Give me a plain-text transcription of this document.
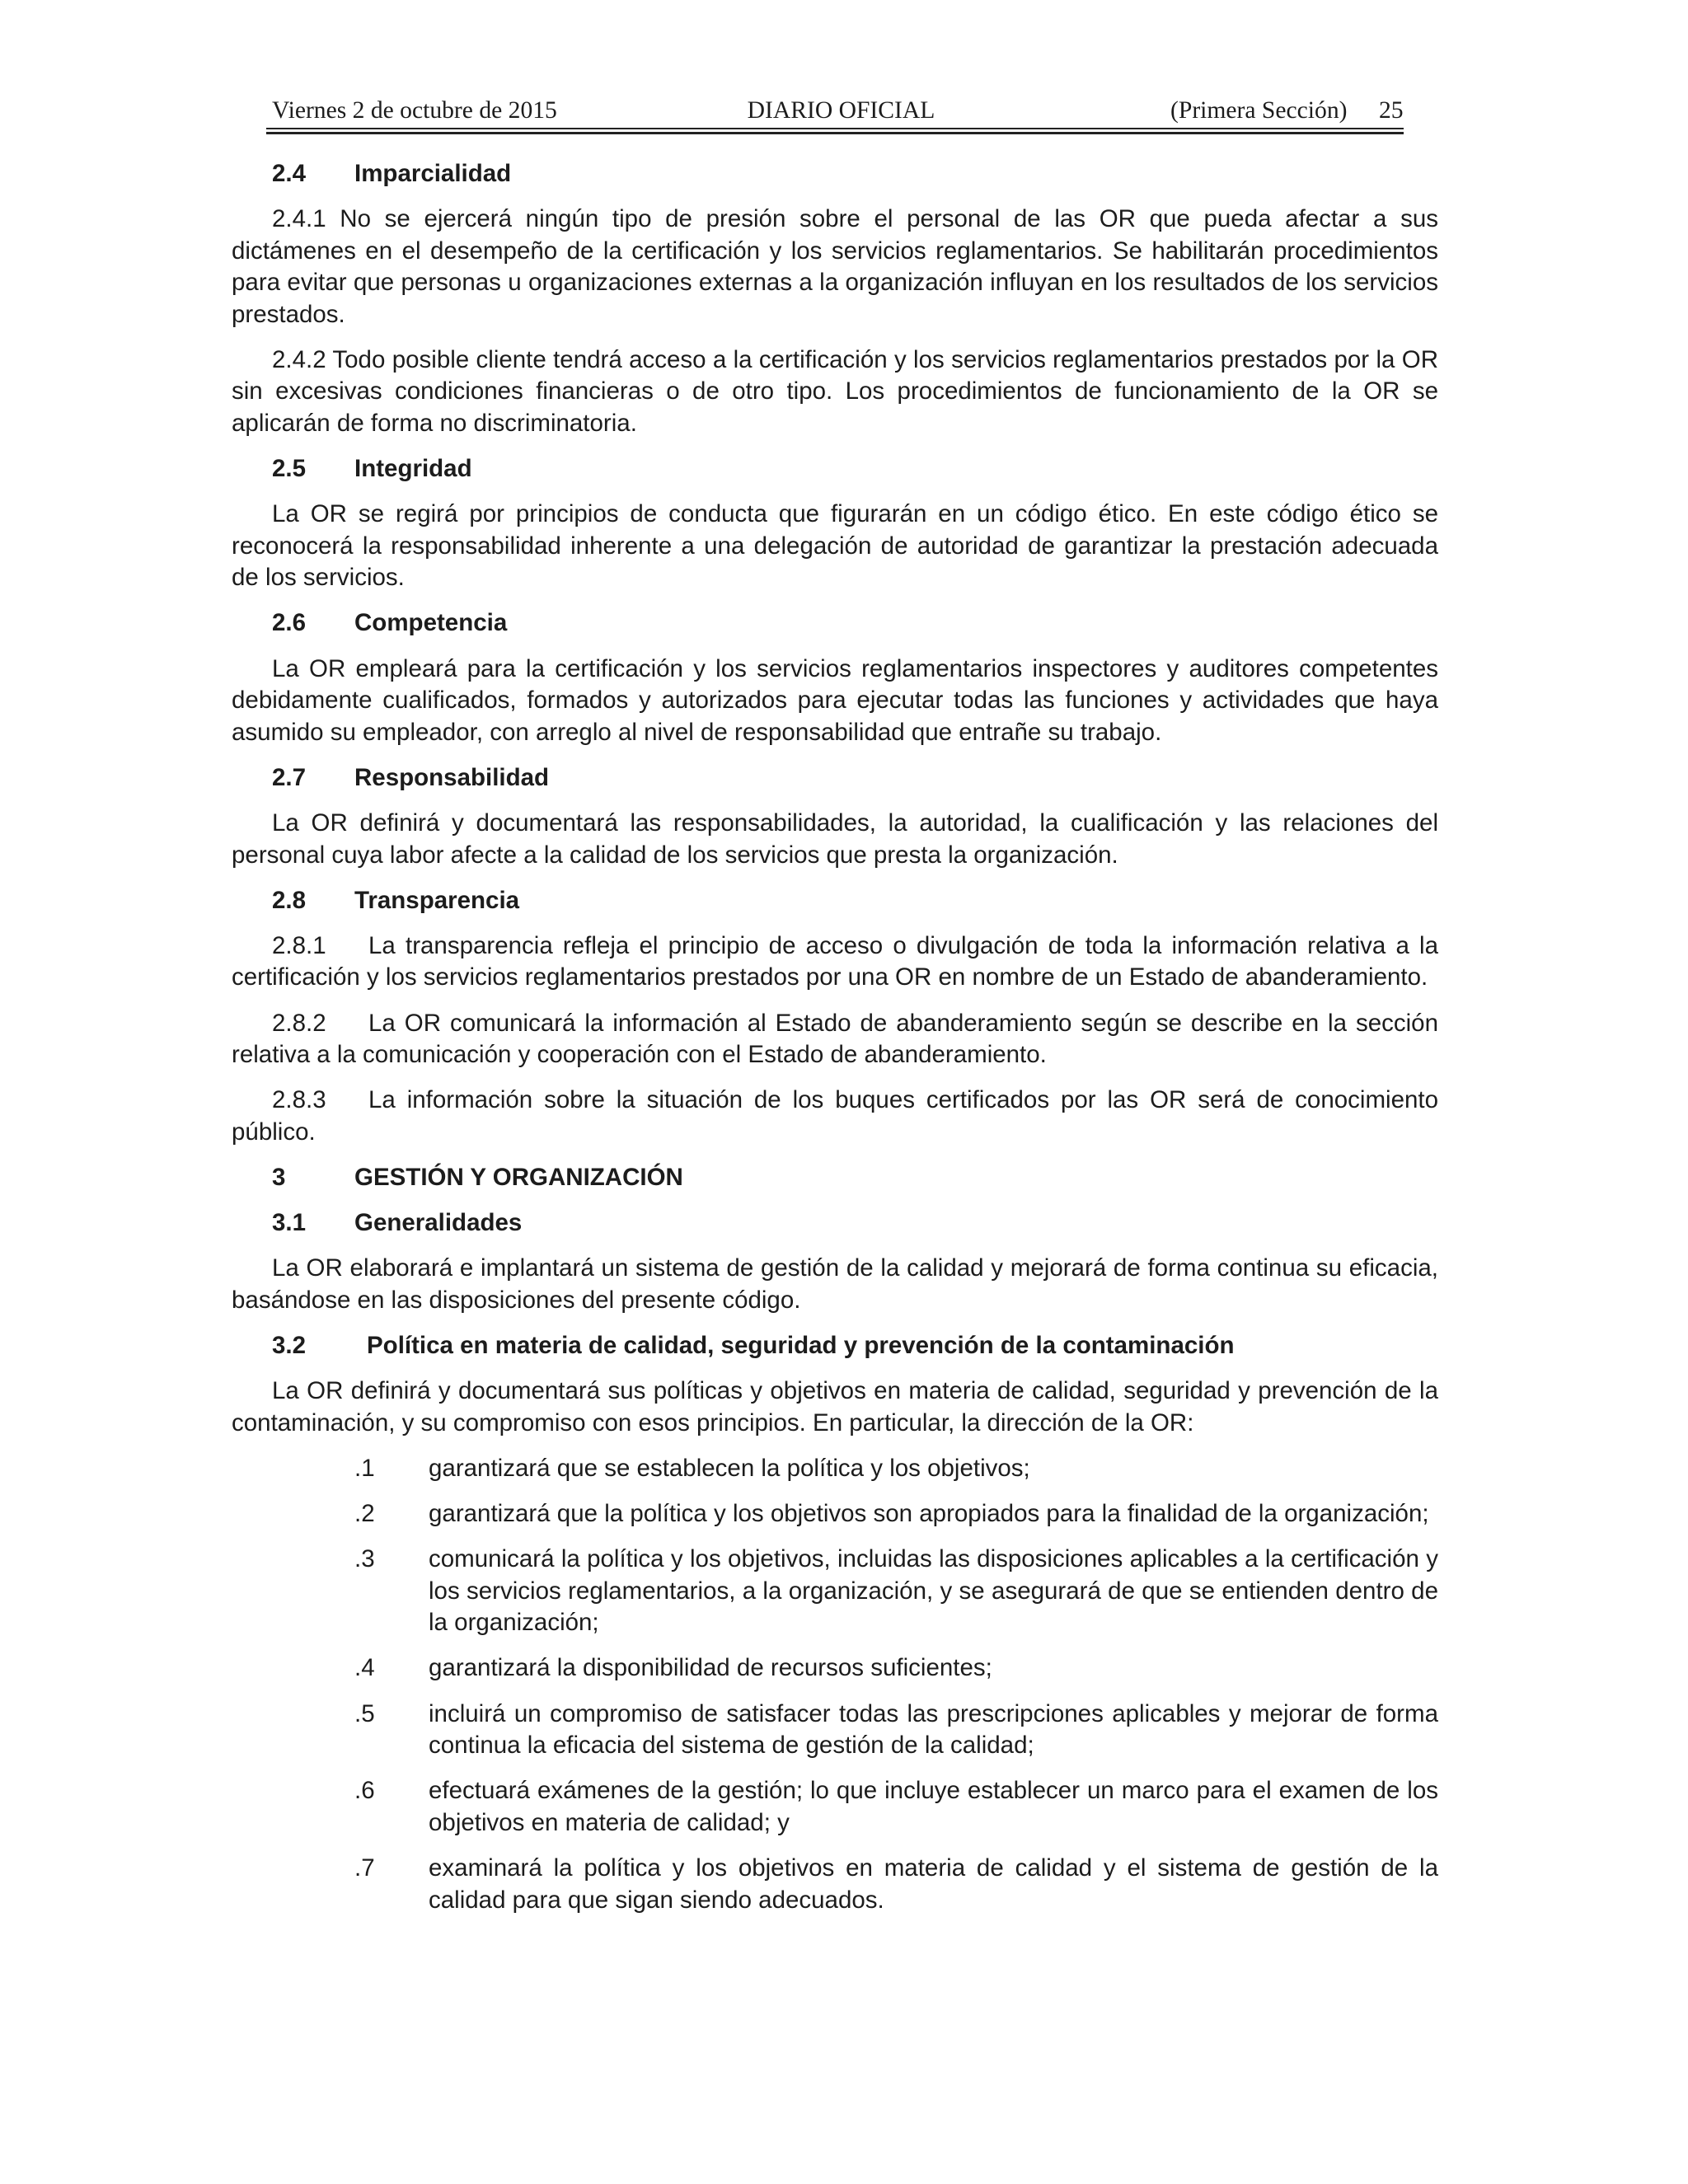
Viernes 2 de octubre de 2015	DIARIO OFICIAL	(Primera Sección) 25
2.4 Imparcialidad

2.4.1 No se ejercerá ningún tipo de presión sobre el personal de las OR que pueda afectar a sus dictámenes en el desempeño de la certificación y los servicios reglamentarios. Se habilitarán procedimientos para evitar que personas u organizaciones externas a la organización influyan en los resultados de los servicios prestados.

2.4.2 Todo posible cliente tendrá acceso a la certificación y los servicios reglamentarios prestados por la OR sin excesivas condiciones financieras o de otro tipo. Los procedimientos de funcionamiento de la OR se aplicarán de forma no discriminatoria.

2.5 Integridad

La OR se regirá por principios de conducta que figurarán en un código ético. En este código ético se reconocerá la responsabilidad inherente a una delegación de autoridad de garantizar la prestación adecuada de los servicios.

2.6 Competencia

La OR empleará para la certificación y los servicios reglamentarios inspectores y auditores competentes debidamente cualificados, formados y autorizados para ejecutar todas las funciones y actividades que haya asumido su empleador, con arreglo al nivel de responsabilidad que entrañe su trabajo.

2.7 Responsabilidad

La OR definirá y documentará las responsabilidades, la autoridad, la cualificación y las relaciones del personal cuya labor afecte a la calidad de los servicios que presta la organización.

2.8 Transparencia

2.8.1 La transparencia refleja el principio de acceso o divulgación de toda la información relativa a la certificación y los servicios reglamentarios prestados por una OR en nombre de un Estado de abanderamiento.

2.8.2 La OR comunicará la información al Estado de abanderamiento según se describe en la sección relativa a la comunicación y cooperación con el Estado de abanderamiento.

2.8.3 La información sobre la situación de los buques certificados por las OR será de conocimiento público.

3	GESTIÓN Y ORGANIZACIÓN
3.1 Generalidades

La OR elaborará e implantará un sistema de gestión de la calidad y mejorará de forma continua su eficacia, basándose en las disposiciones del presente código.

3.2	Política en materia de calidad, seguridad y prevención de la contaminación

La OR definirá y documentará sus políticas y objetivos en materia de calidad, seguridad y prevención de la contaminación, y su compromiso con esos principios. En particular, la dirección de la OR:

.1 garantizará que se establecen la política y los objetivos;
.2 garantizará que la política y los objetivos son apropiados para la finalidad de la organización;
.3 comunicará la política y los objetivos, incluidas las disposiciones aplicables a la certificación y los servicios reglamentarios, a la organización, y se asegurará de que se entienden dentro de la organización;
.4 garantizará la disponibilidad de recursos suficientes;
.5 incluirá un compromiso de satisfacer todas las prescripciones aplicables y mejorar de forma continua la eficacia del sistema de gestión de la calidad;
.6 efectuará exámenes de la gestión; lo que incluye establecer un marco para el examen de los objetivos en materia de calidad; y
.7 examinará la política y los objetivos en materia de calidad y el sistema de gestión de la calidad para que sigan siendo adecuados.
